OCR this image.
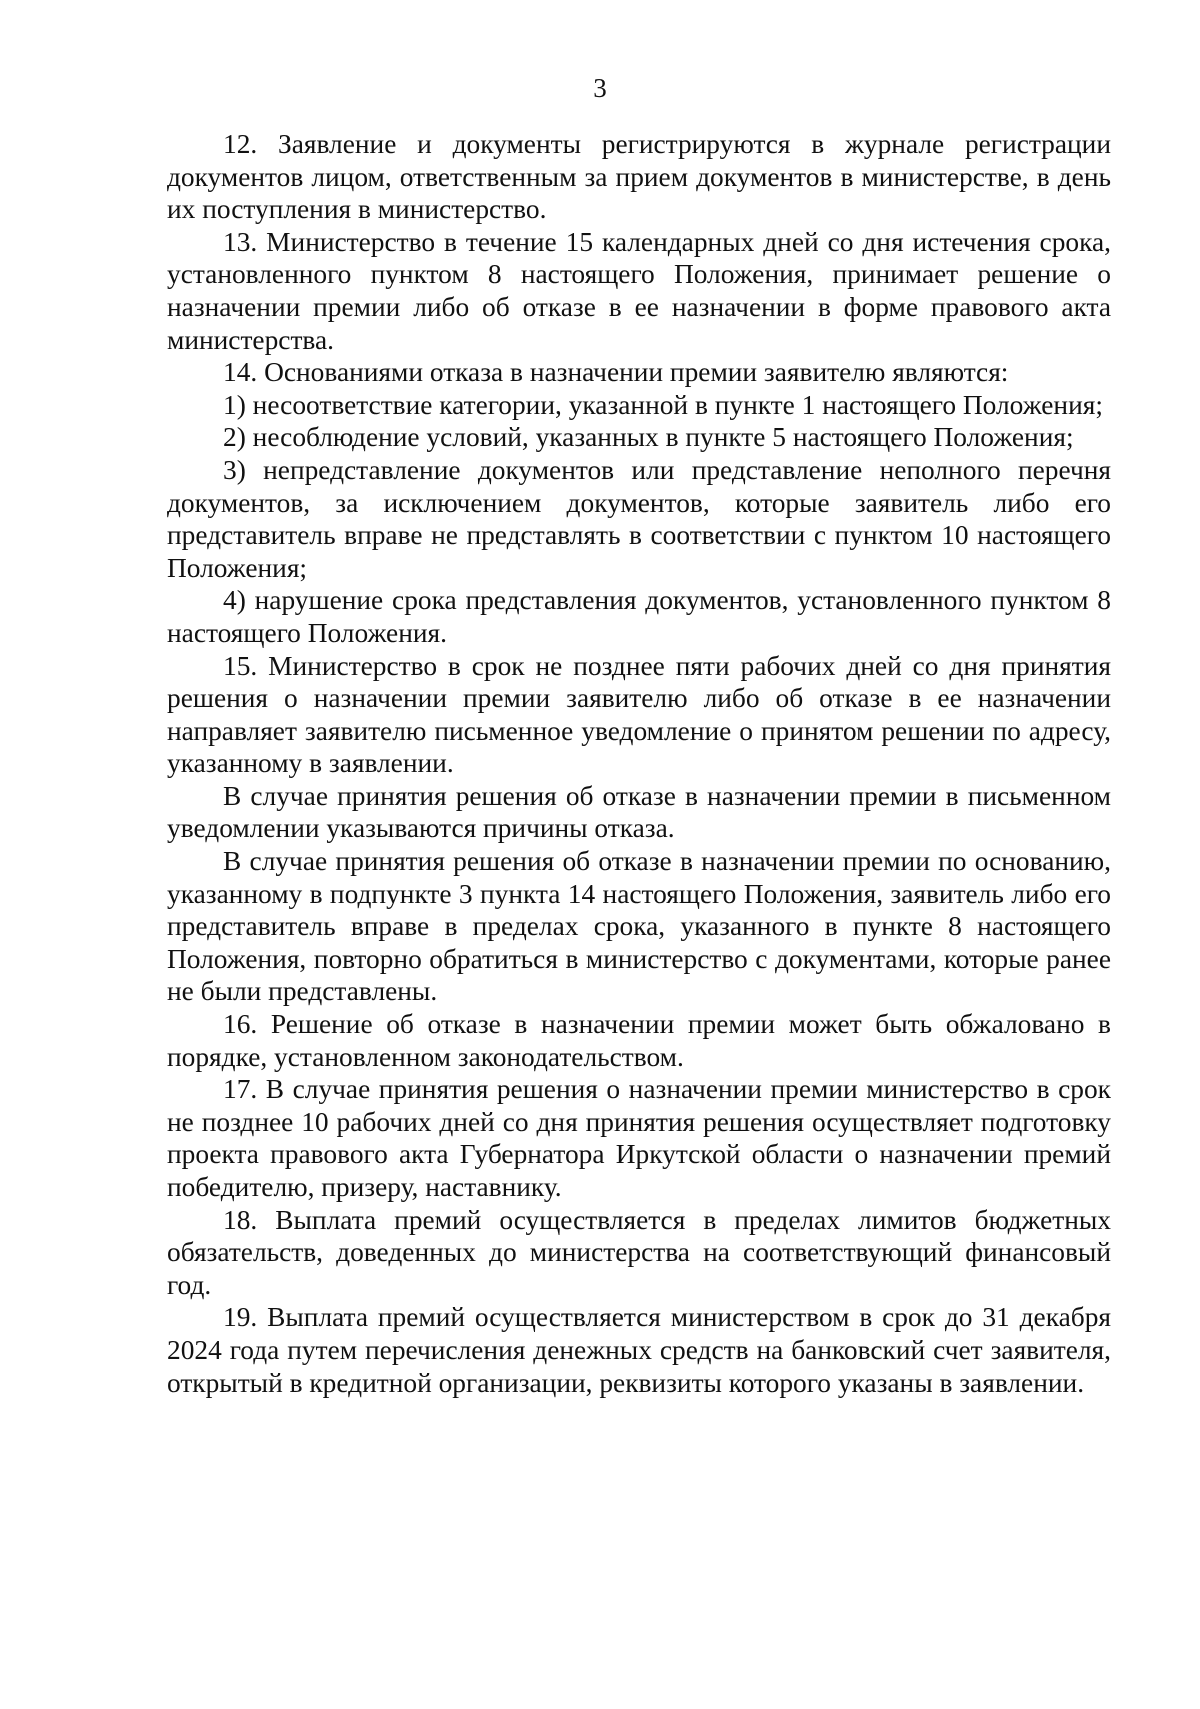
3

12. Заявление и документы регистрируются в журнале регистрации документов лицом, ответственным за прием документов в министерстве, в день их поступления в министерство.

13. Министерство в течение 15 календарных дней со дня истечения срока, установленного пунктом 8 настоящего Положения, принимает решение о назначении премии либо об отказе в ее назначении в форме правового акта министерства.

14. Основаниями отказа в назначении премии заявителю являются:

1) несоответствие категории, указанной в пункте 1 настоящего Положения;

2) несоблюдение условий, указанных в пункте 5 настоящего Положения;

3) непредставление документов или представление неполного перечня документов, за исключением документов, которые заявитель либо его представитель вправе не представлять в соответствии с пунктом 10 настоящего Положения;

4) нарушение срока представления документов, установленного пунктом 8 настоящего Положения.

15. Министерство в срок не позднее пяти рабочих дней со дня принятия решения о назначении премии заявителю либо об отказе в ее назначении направляет заявителю письменное уведомление о принятом решении по адресу, указанному в заявлении.

В случае принятия решения об отказе в назначении премии в письменном уведомлении указываются причины отказа.

В случае принятия решения об отказе в назначении премии по основанию, указанному в подпункте 3 пункта 14 настоящего Положения, заявитель либо его представитель вправе в пределах срока, указанного в пункте 8 настоящего Положения, повторно обратиться в министерство с документами, которые ранее не были представлены.

16. Решение об отказе в назначении премии может быть обжаловано в порядке, установленном законодательством.

17. В случае принятия решения о назначении премии министерство в срок не позднее 10 рабочих дней со дня принятия решения осуществляет подготовку проекта правового акта Губернатора Иркутской области о назначении премий победителю, призеру, наставнику.

18. Выплата премий осуществляется в пределах лимитов бюджетных обязательств, доведенных до министерства на соответствующий финансовый год.

19. Выплата премий осуществляется министерством в срок до 31 декабря 2024 года путем перечисления денежных средств на банковский счет заявителя, открытый в кредитной организации, реквизиты которого указаны в заявлении.
